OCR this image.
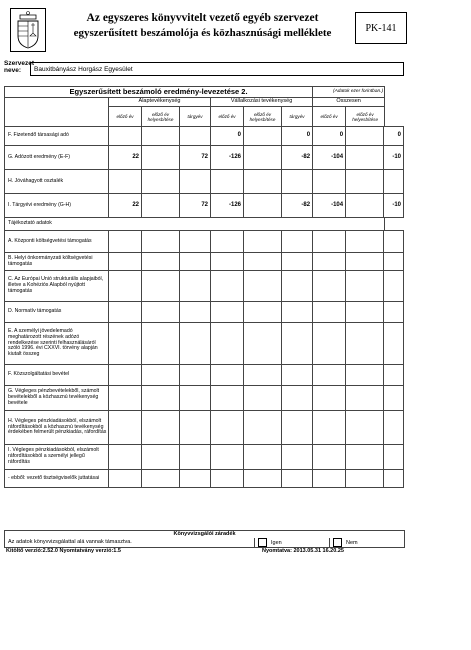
Az egyszeres könyvvitelt vezető egyéb szervezet
egyszerűsített beszámolója és közhasznúsági melléklete	PK-141
Szervezet
neve:	Bauxitbányász Horgász Egyesület
Egyszerűsített beszámoló eredmény-levezetése 2.							(Adatok ezer forintban.)		
	Alaptevékenység			Vállalkozási tevékenység			Összesen		
	előző év	előző év helyesbítése	tárgyév	előző év	előző év helyesbítése	tárgyév	előző év	előző év helyesbítése	
F. Fizetendő társasági adó				0		0	0		0
G. Adózott eredmény (E-F)	22		72	-126		-82	-104		-10
H. Jóváhagyott osztalék									
I. Tárgyévi eredmény (G-H)	22		72	-126		-82	-104		-10
Tájékoztató adatok									
A. Központi költségvetési támogatás									
B. Helyi önkormányzati költségvetési támogatás									
C. Az Európai Unió strukturális alapjaiból, illetve a Kohéziós Alapból nyújtott támogatás									
D. Normatív támogatás									
E. A személyi jövedelemadó meghatározott részének adózó rendelkezése szerinti felhasználásáról szóló 1996. évi CXXVI. törvény alapján kiutalt összeg									
F. Közszolgáltatási bevétel									
G. Végleges pénzbevételekből, számolt bevételekből a közhasznú tevékenység bevétele									
H. Végleges pénzkiadásokból, elszámolt ráfordításokból a közhasznú tevékenység érdekében felmerült pénzkiadás, ráfordítás									
I. Végleges pénzkiadásokból, elszámolt ráfordításokból a személyi jellegű ráfordítás									
- ebből: vezető tisztségviselők juttatásai									
Könyvvizsgálói záradék
Az adatok könyvvizsgálattal alá vannak támasztva.	Igen	Nem
Kitöltő verzió:2.52.0 Nyomtatvány verzió:1.5	Nyomtatva: 2013.05.31 16.20.25
